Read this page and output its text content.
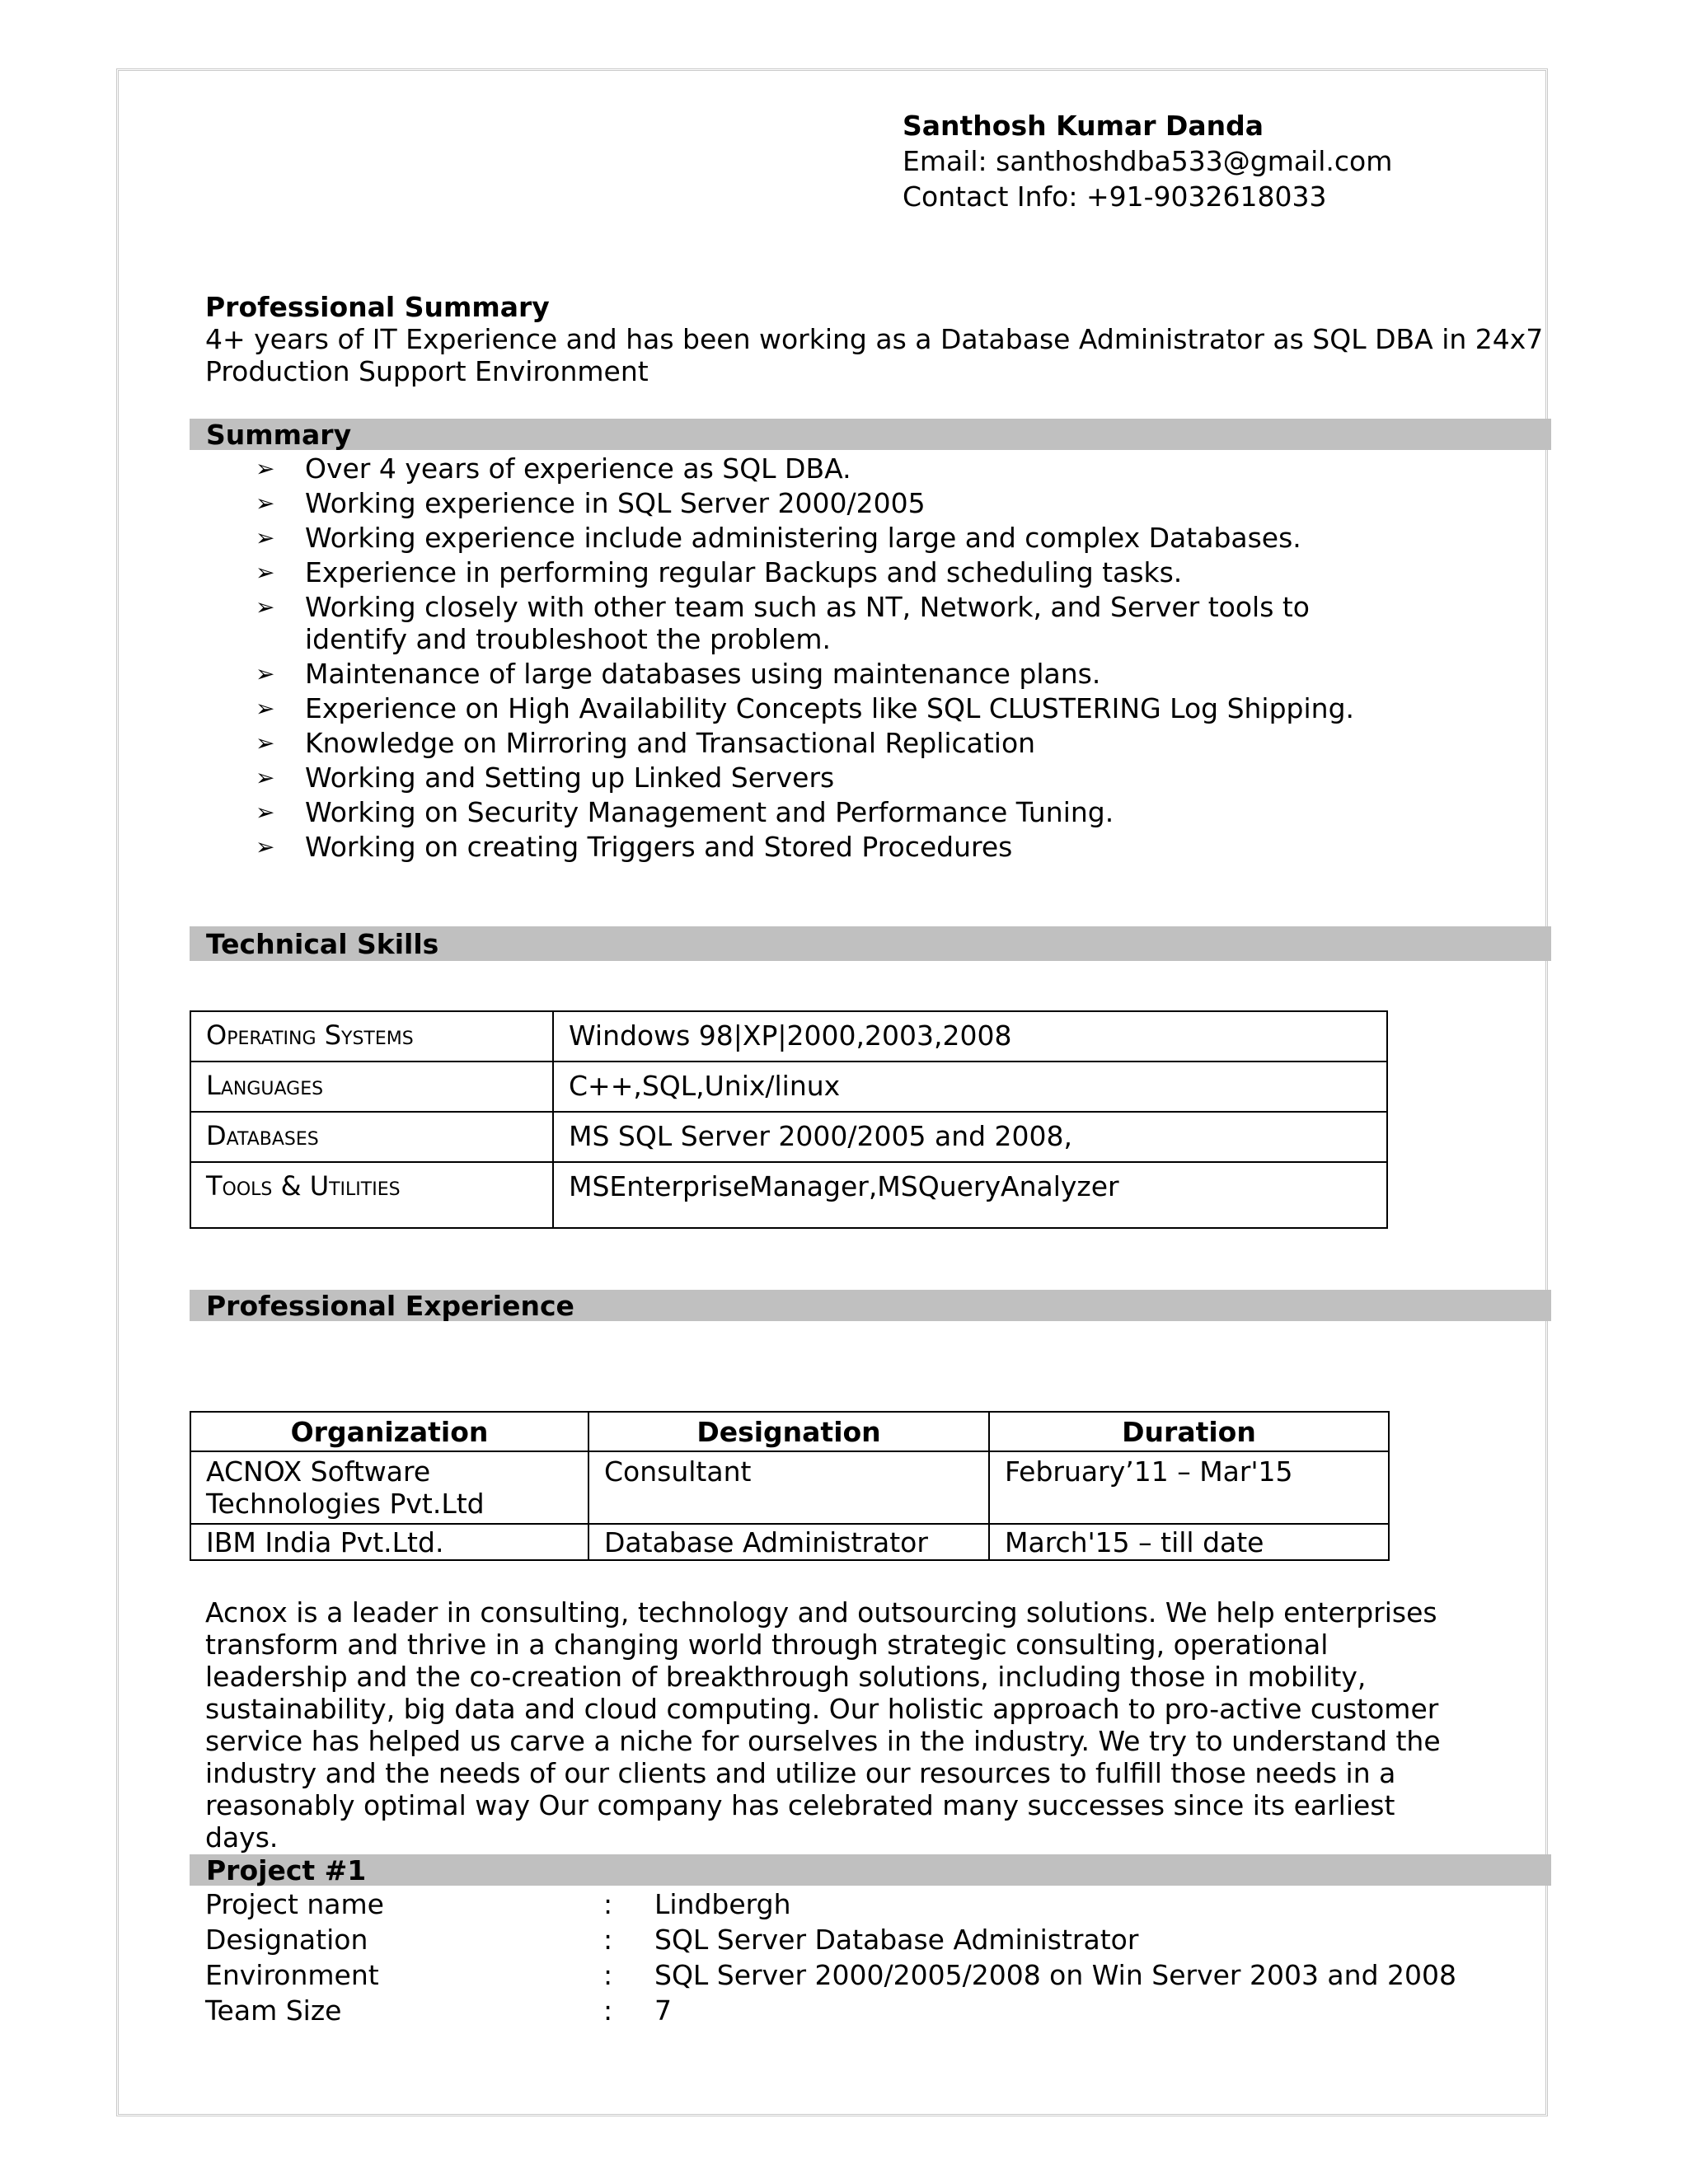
Santhosh Kumar Danda
Email: santhoshdba533@gmail.com
Contact Info: +91-9032618033
Professional Summary
4+ years of IT Experience and has been working as a Database Administrator as SQL DBA in 24x7
Production Support Environment
Summary
➢ Over 4 years of experience as SQL DBA.
➢ Working experience in SQL Server 2000/2005
➢ Working experience include administering large and complex Databases.
➢ Experience in performing regular Backups and scheduling tasks.
➢ Working closely with other team such as NT, Network, and Server tools to identify and troubleshoot the problem.
➢ Maintenance of large databases using maintenance plans.
➢ Experience on High Availability Concepts like SQL CLUSTERING Log Shipping.
➢ Knowledge on Mirroring and Transactional Replication
➢ Working and Setting up Linked Servers
➢ Working on Security Management and Performance Tuning.
➢ Working on creating Triggers and Stored Procedures
Technical Skills
Operating Systems	Windows 98|XP|2000,2003,2008
Languages	C++,SQL,Unix/linux
Databases	MS SQL Server 2000/2005 and 2008,
Tools & Utilities	MSEnterpriseManager,MSQueryAnalyzer
Professional Experience
Organization	Designation	Duration
ACNOX Software Technologies Pvt.Ltd	Consultant	February’11 – Mar'15
IBM India Pvt.Ltd.	Database Administrator	March'15 – till date

Acnox is a leader in consulting, technology and outsourcing solutions. We help enterprises transform and thrive in a changing world through strategic consulting, operational leadership and the co-creation of breakthrough solutions, including those in mobility, sustainability, big data and cloud computing. Our holistic approach to pro-active customer service has helped us carve a niche for ourselves in the industry. We try to understand the industry and the needs of our clients and utilize our resources to fulfill those needs in a reasonably optimal way Our company has celebrated many successes since its earliest days.

Project #1
Project name	: Lindbergh
Designation	: SQL Server Database Administrator
Environment	: SQL Server 2000/2005/2008 on Win Server 2003 and 2008
Team Size	: 7
